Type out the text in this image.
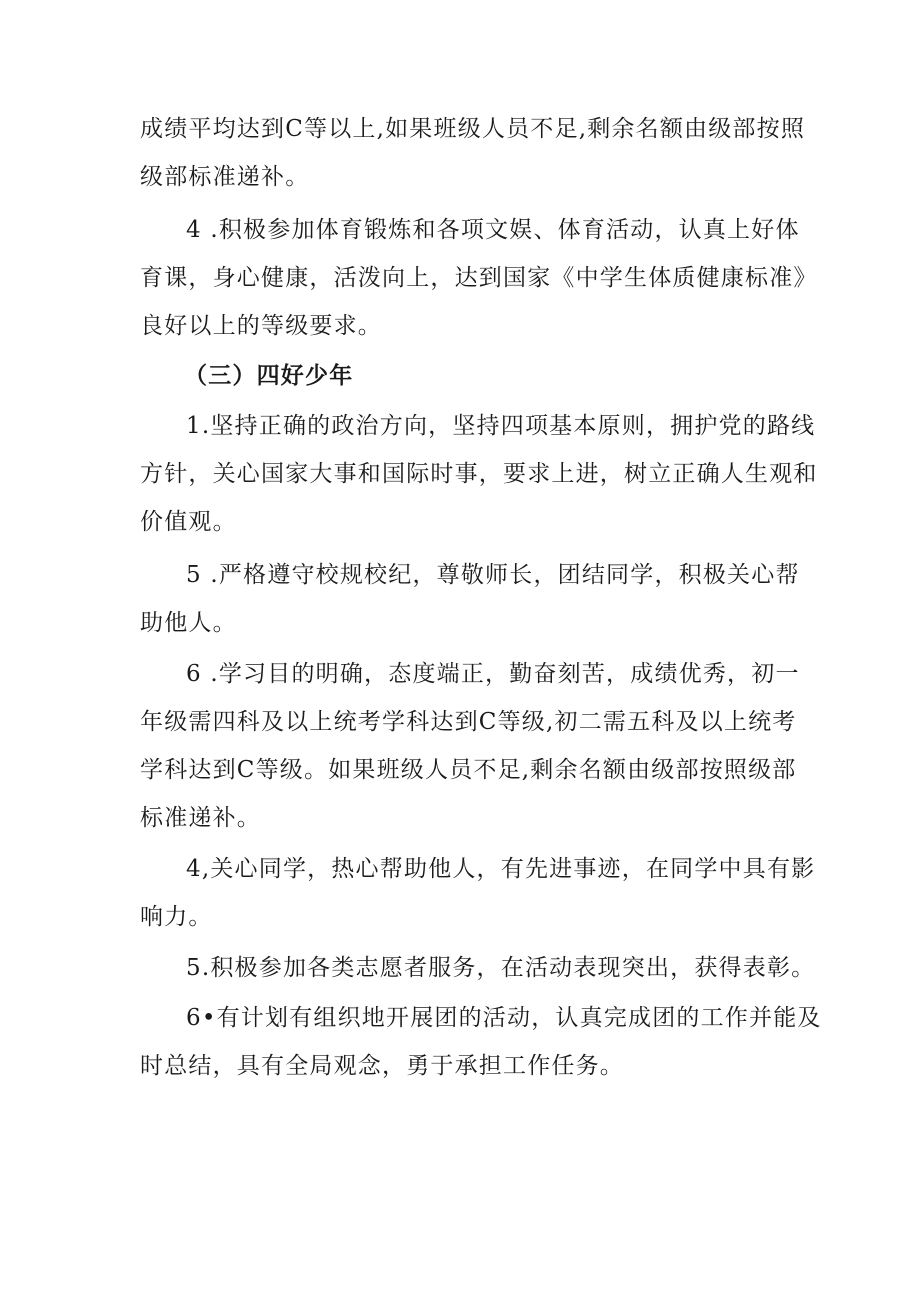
成绩平均达到C等以上,如果班级人员不足,剩余名额由级部按照
级部标准递补。
4 .积极参加体育锻炼和各项文娱、体育活动，认真上好体
育课，身心健康，活泼向上，达到国家《中学生体质健康标准》
良好以上的等级要求。
（三）四好少年
1.坚持正确的政治方向，坚持四项基本原则，拥护党的路线
方针，关心国家大事和国际时事，要求上进，树立正确人生观和
价值观。
5 .严格遵守校规校纪，尊敬师长，团结同学，积极关心帮
助他人。
6 .学习目的明确，态度端正，勤奋刻苦，成绩优秀，初一
年级需四科及以上统考学科达到C等级,初二需五科及以上统考
学科达到C等级。如果班级人员不足,剩余名额由级部按照级部
标准递补。
4,关心同学，热心帮助他人，有先进事迹，在同学中具有影
响力。
5.积极参加各类志愿者服务，在活动表现突出，获得表彰。
6•有计划有组织地开展团的活动，认真完成团的工作并能及
时总结，具有全局观念，勇于承担工作任务。
